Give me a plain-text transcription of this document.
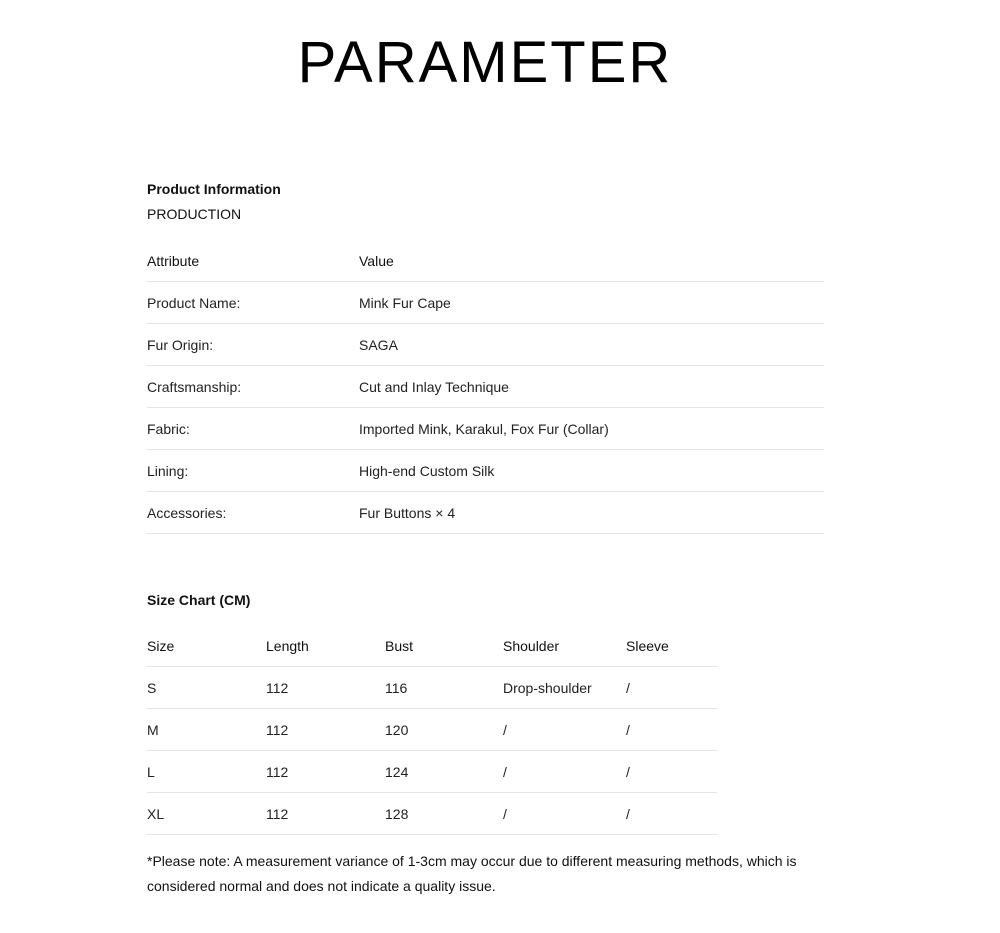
PARAMETER
Product Information
PRODUCTION
Attribute	Value
Product Name:	Mink Fur Cape
Fur Origin:	SAGA
Craftsmanship:	Cut and Inlay Technique
Fabric:	Imported Mink, Karakul, Fox Fur (Collar)
Lining:	High-end Custom Silk
Accessories:	Fur Buttons × 4
Size Chart (CM)
Size	Length	Bust	Shoulder	Sleeve
S	112	116	Drop-shoulder	/
M	112	120	/	/
L	112	124	/	/
XL	112	128	/	/
*Please note: A measurement variance of 1-3cm may occur due to different measuring methods, which is considered normal and does not indicate a quality issue.
